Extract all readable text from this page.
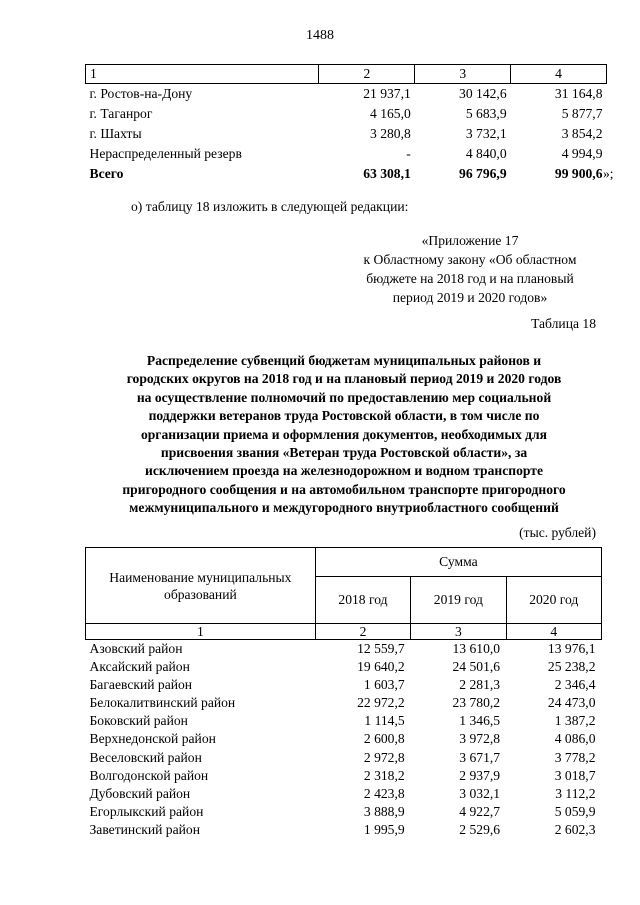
1488
1	2	3	4
г. Ростов-на-Дону	21 937,1	30 142,6	31 164,8
г. Таганрог	4 165,0	5 683,9	5 877,7
г. Шахты	3 280,8	3 732,1	3 854,2
Нераспределенный резерв	-	4 840,0	4 994,9
Всего	63 308,1	96 796,9	99 900,6 »;
о) таблицу 18 изложить в следующей редакции:
«Приложение 17
к Областному закону «Об областном
бюджете на 2018 год и на плановый
период 2019 и 2020 годов»
Таблица 18
Распределение субвенций бюджетам муниципальных районов и
городских округов на 2018 год и на плановый период 2019 и 2020 годов
на осуществление полномочий по предоставлению мер социальной
поддержки ветеранов труда Ростовской области, в том числе по
организации приема и оформления документов, необходимых для
присвоения звания «Ветеран труда Ростовской области», за
исключением проезда на железнодорожном и водном транспорте
пригородного сообщения и на автомобильном транспорте пригородного
межмуниципального и междугородного внутриобластного сообщений
(тыс. рублей)
Наименование муниципальных
образований	Сумма		
	2018 год	2019 год	2020 год
1	2	3	4
Азовский район	12 559,7	13 610,0	13 976,1
Аксайский район	19 640,2	24 501,6	25 238,2
Багаевский район	1 603,7	2 281,3	2 346,4
Белокалитвинский район	22 972,2	23 780,2	24 473,0
Боковский район	1 114,5	1 346,5	1 387,2
Верхнедонской район	2 600,8	3 972,8	4 086,0
Веселовский район	2 972,8	3 671,7	3 778,2
Волгодонской район	2 318,2	2 937,9	3 018,7
Дубовский район	2 423,8	3 032,1	3 112,2
Егорлыкский район	3 888,9	4 922,7	5 059,9
Заветинский район	1 995,9	2 529,6	2 602,3
